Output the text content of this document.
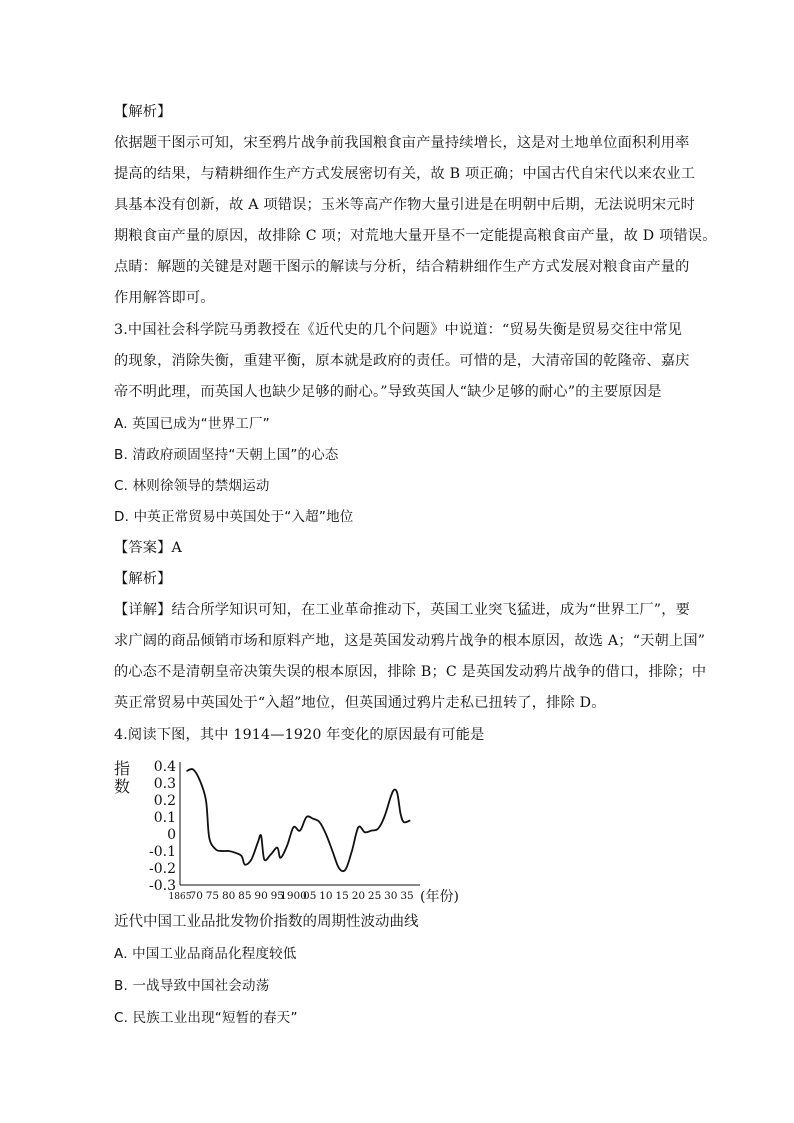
【解析】
依据题干图示可知，宋至鸦片战争前我国粮食亩产量持续增长，这是对土地单位面积利用率
提高的结果，与精耕细作生产方式发展密切有关，故 B 项正确；中国古代自宋代以来农业工
具基本没有创新，故 A 项错误；玉米等高产作物大量引进是在明朝中后期，无法说明宋元时
期粮食亩产量的原因，故排除 C 项；对荒地大量开垦不一定能提高粮食亩产量，故 D 项错误。
点睛：解题的关键是对题干图示的解读与分析，结合精耕细作生产方式发展对粮食亩产量的
作用解答即可。
3.中国社会科学院马勇教授在《近代史的几个问题》中说道：“贸易失衡是贸易交往中常见
的现象，消除失衡，重建平衡，原本就是政府的责任。可惜的是，大清帝国的乾隆帝、嘉庆
帝不明此理，而英国人也缺少足够的耐心。”导致英国人“缺少足够的耐心”的主要原因是
A. 英国已成为“世界工厂”
B. 清政府顽固坚持“天朝上国”的心态
C. 林则徐领导的禁烟运动
D. 中英正常贸易中英国处于“入超”地位
【答案】A
【解析】
【详解】结合所学知识可知，在工业革命推动下，英国工业突飞猛进，成为“世界工厂”，要
求广阔的商品倾销市场和原料产地，这是英国发动鸦片战争的根本原因，故选 A；“天朝上国”
的心态不是清朝皇帝决策失误的根本原因，排除 B；C 是英国发动鸦片战争的借口，排除；中
英正常贸易中英国处于“入超”地位，但英国通过鸦片走私已扭转了，排除 D。
4.阅读下图，其中 1914—1920 年变化的原因最有可能是
指
数
0.4
0.3
0.2
0.1
0
-0.1
-0.2
-0.3
1865
70 75 80 85 90 95
1900
05 10 15 20 25 30 35 (年份)
近代中国工业品批发物价指数的周期性波动曲线
A. 中国工业品商品化程度较低
B. 一战导致中国社会动荡
C. 民族工业出现“短暂的春天”
